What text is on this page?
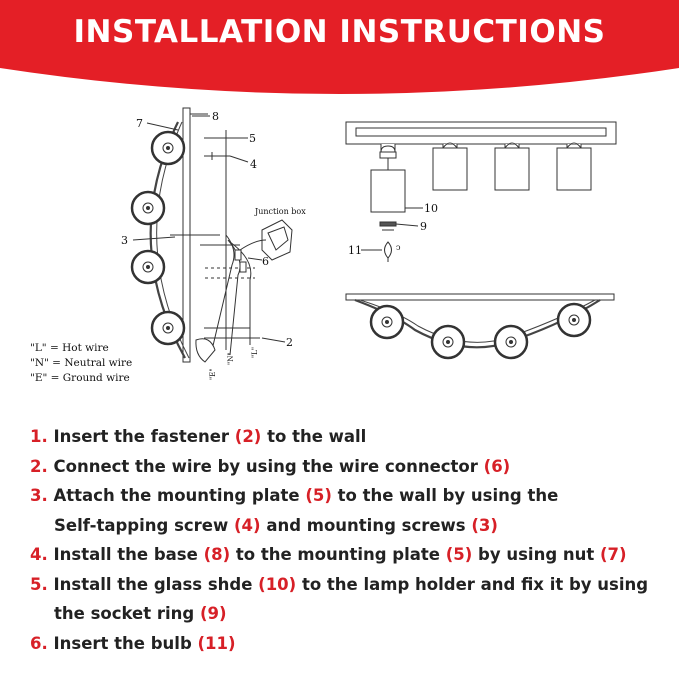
INSTALLATION INSTRUCTIONS
7
8
5
4
3
6
2
Junction box
"E"
"N" "L"
"L" = Hot wire
"N" = Neutral wire
"E" = Ground wire
ↄ
10
9
11
1. Insert the fastener (2) to the wall
2. Connect the wire by using the wire connector (6)
3. Attach the mounting plate (5) to the wall by using the
Self-tapping screw (4) and mounting screws (3)
4. Install the base (8) to the mounting plate (5) by using nut (7)
5. Install the glass shde (10) to the lamp holder and fix it by using
the socket ring (9)
6. Insert the bulb (11)
